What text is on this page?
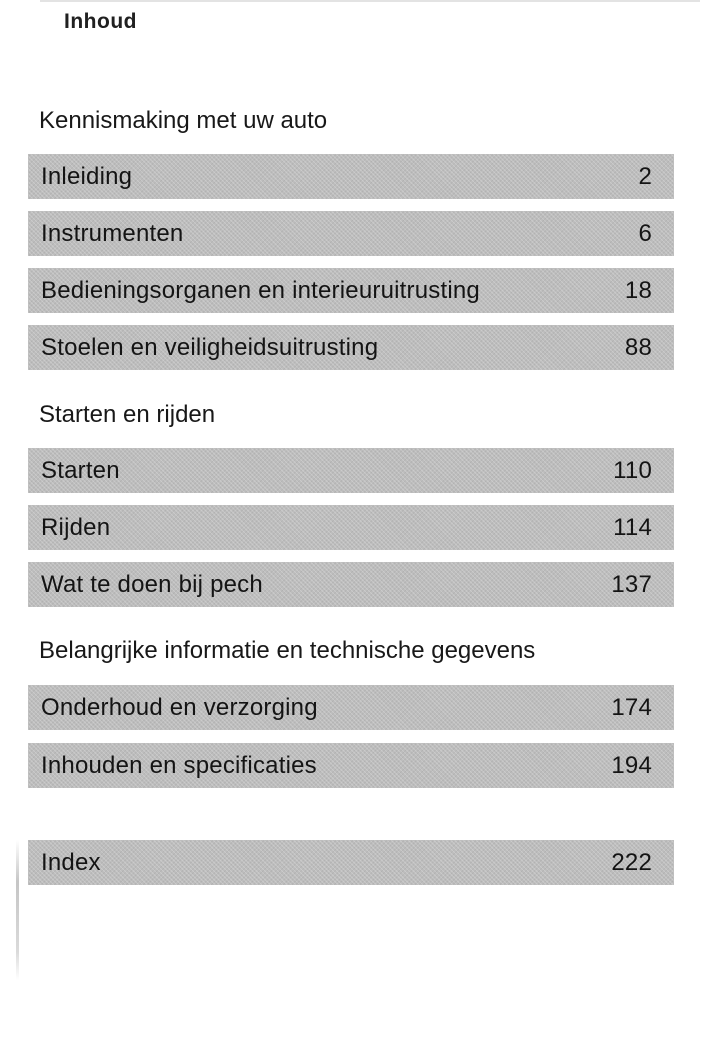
Inhoud
Kennismaking met uw auto
Inleiding	2
Instrumenten	6
Bedieningsorganen en interieuruitrusting	18
Stoelen en veiligheidsuitrusting	88
Starten en rijden
Starten	110
Rijden	114
Wat te doen bij pech	137
Belangrijke informatie en technische gegevens
Onderhoud en verzorging	174
Inhouden en specificaties	194
Index	222
